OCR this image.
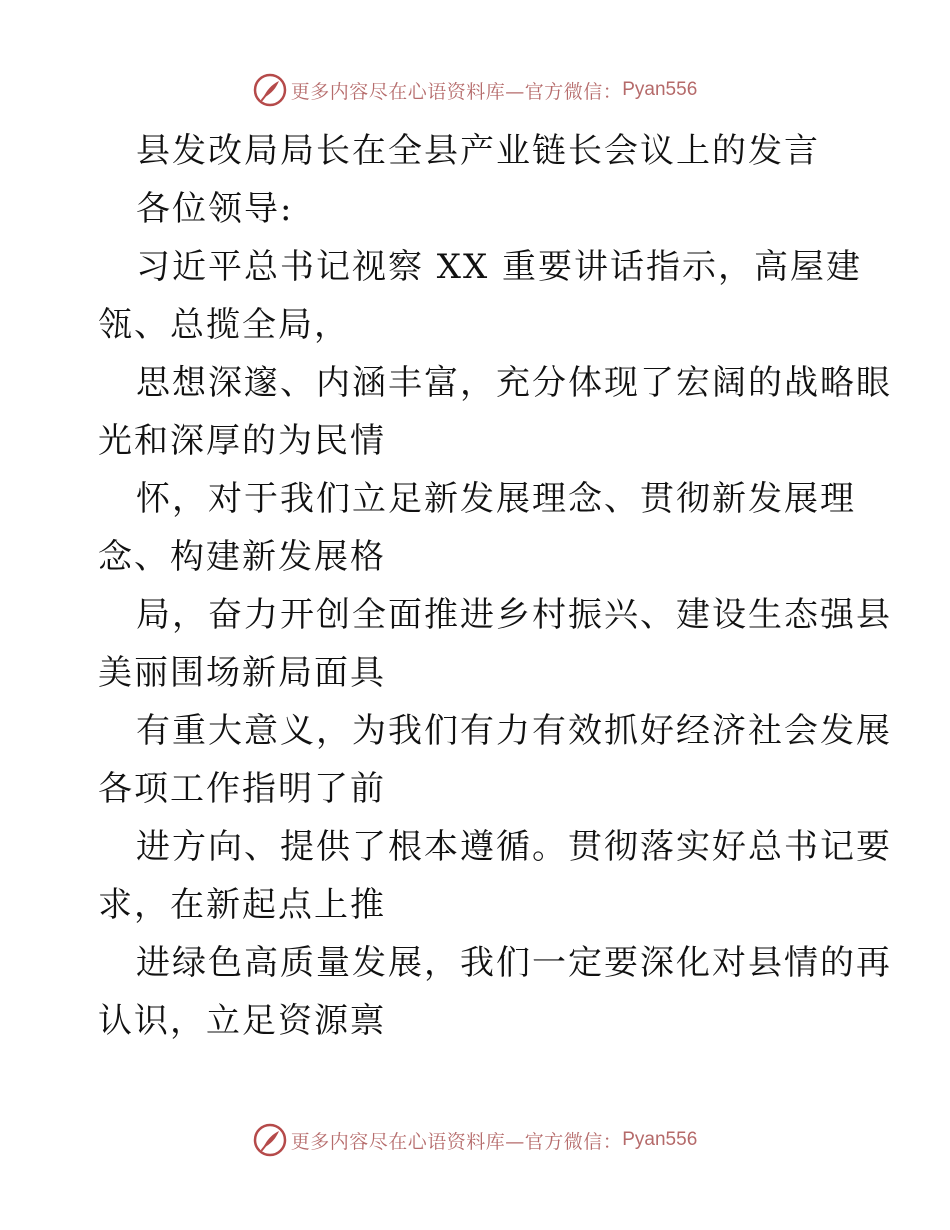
更多内容尽在心语资料库—官方微信： Pyan556
县发改局局长在全县产业链长会议上的发言
各位领导:
习近平总书记视察 XX 重要讲话指示，高屋建
瓴、总揽全局，
思想深邃、内涵丰富，充分体现了宏阔的战略眼
光和深厚的为民情
怀，对于我们立足新发展理念、贯彻新发展理
念、构建新发展格
局，奋力开创全面推进乡村振兴、建设生态强县
美丽围场新局面具
有重大意义，为我们有力有效抓好经济社会发展
各项工作指明了前
进方向、提供了根本遵循。贯彻落实好总书记要
求，在新起点上推
进绿色高质量发展，我们一定要深化对县情的再
认识，立足资源禀
更多内容尽在心语资料库—官方微信： Pyan556
